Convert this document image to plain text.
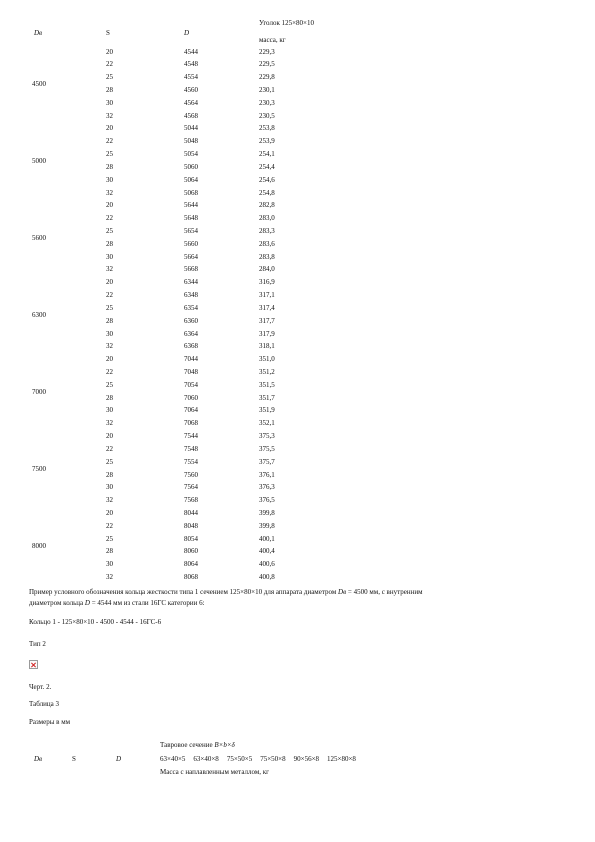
Dв	S	D
Уголок 125×80×10
масса, кг
4500
20	4544	229,3
22	4548	229,5
25	4554	229,8
28	4560	230,1
30	4564	230,3
32	4568	230,5
5000
20	5044	253,8
22	5048	253,9
25	5054	254,1
28	5060	254,4
30	5064	254,6
32	5068	254,8
5600
20	5644	282,8
22	5648	283,0
25	5654	283,3
28	5660	283,6
30	5664	283,8
32	5668	284,0
6300
20	6344	316,9
22	6348	317,1
25	6354	317,4
28	6360	317,7
30	6364	317,9
32	6368	318,1
7000
20	7044	351,0
22	7048	351,2
25	7054	351,5
28	7060	351,7
30	7064	351,9
32	7068	352,1
7500
20	7544	375,3
22	7548	375,5
25	7554	375,7
28	7560	376,1
30	7564	376,3
32	7568	376,5
8000
20	8044	399,8
22	8048	399,8
25	8054	400,1
28	8060	400,4
30	8064	400,6
32	8068	400,8
Пример условного обозначения кольца жесткости типа 1 сечением 125×80×10 для аппарата диаметром Dв = 4500 мм, с внутренним
диаметром кольца D = 4544 мм из стали 16ГС категории 6:
Кольцо 1 - 125×80×10 - 4500 - 4544 - 16ГС-6
Тип 2
Черт. 2.
Таблица 3
Размеры в мм
Тавровое сечение В×b×δ
Dв	S	D	63×40×5 63×40×8 75×50×5 75×50×8 90×56×8 125×80×8
Масса с наплавленным металлом, кг
